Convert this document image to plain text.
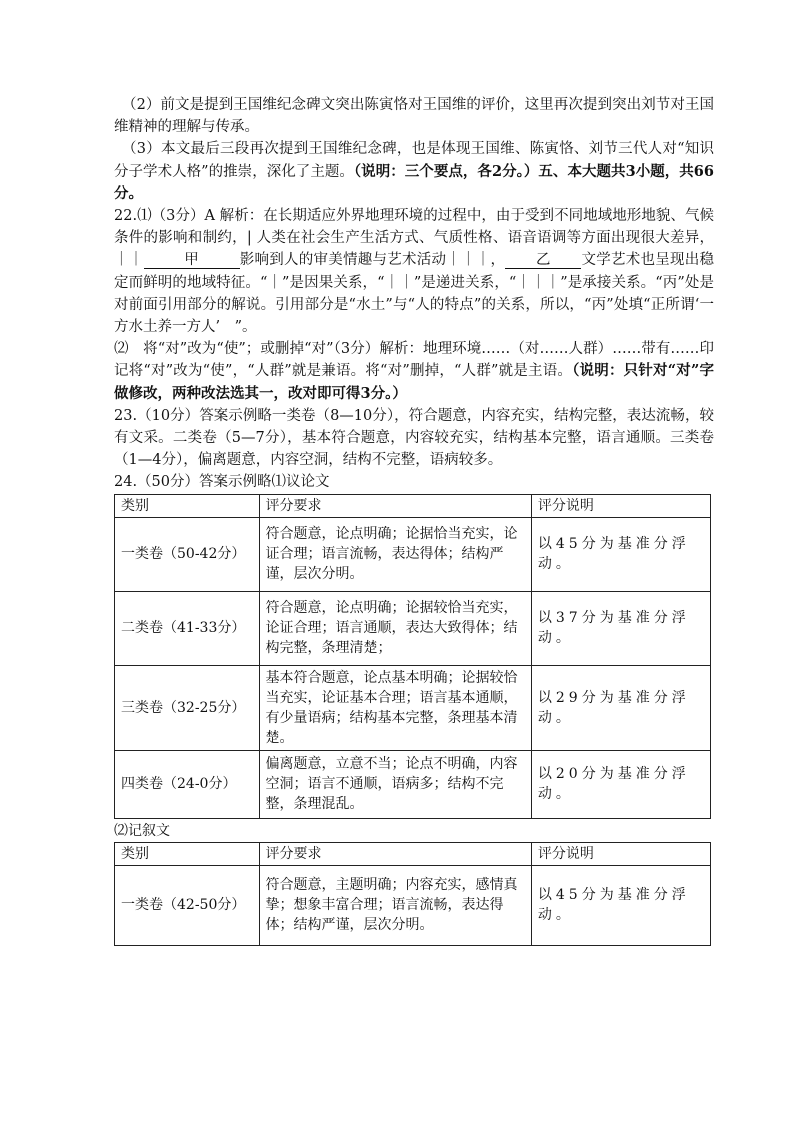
（2）前文是提到王国维纪念碑文突出陈寅恪对王国维的评价，这里再次提到突出刘节对王国维精神的理解与传承。

（3）本文最后三段再次提到王国维纪念碑，也是体现王国维、陈寅恪、刘节三代人对“知识分子学术人格”的推崇，深化了主题。（说明：三个要点，各2分。）五、本大题共3小题，共66分。

22.⑴（3分）A 解析：在长期适应外界地理环境的过程中，由于受到不同地域地形地貌、气候条件的影响和制约，| 人类在社会生产生活方式、气质性格、语音语调等方面出现很大差异，｜｜	甲	影响到人的审美情趣与艺术活动｜｜｜， 乙 文学艺术也呈现出稳定而鲜明的地域特征。“｜”是因果关系，“｜｜”是递进关系，“｜｜｜”是承接关系。“丙”处是对前面引用部分的解说。引用部分是“水土”与“人的特点”的关系，所以，“丙”处填“正所谓‘一方水土养一方人’　”。

⑵　将“对”改为“使”；或删掉“对”（3分）解析：地理环境……（对……人群）……带有……印记将“对”改为“使”，“人群”就是兼语。将“对”删掉，“人群”就是主语。（说明：只针对“对”字做修改，两种改法选其一，改对即可得3分。）

23.（10分）答案示例略一类卷（8—10分），符合题意，内容充实，结构完整，表达流畅，较有文采。二类卷（5—7分），基本符合题意，内容较充实，结构基本完整，语言通顺。三类卷（1—4分），偏离题意，内容空洞，结构不完整，语病较多。

24.（50分）答案示例略⑴议论文

类别	评分要求	评分说明
一类卷（50-42分）	符合题意，论点明确；论据恰当充实，论证合理；语言流畅，表达得体；结构严谨，层次分明。	以45分为基准分浮动。
二类卷（41-33分）	符合题意，论点明确；论据较恰当充实，论证合理；语言通顺，表达大致得体；结构完整，条理清楚；	以37分为基准分浮动。
三类卷（32-25分）	基本符合题意，论点基本明确；论据较恰当充实，论证基本合理；语言基本通顺，有少量语病；结构基本完整，条理基本清楚。	以29分为基准分浮动。
四类卷（24-0分）	偏离题意，立意不当；论点不明确，内容空洞；语言不通顺，语病多；结构不完整，条理混乱。	以20分为基准分浮动。

⑵记叙文

类别	评分要求	评分说明
一类卷（42-50分）	符合题意，主题明确；内容充实，感情真挚；想象丰富合理；语言流畅，表达得体；结构严谨，层次分明。	以45分为基准分浮动。
